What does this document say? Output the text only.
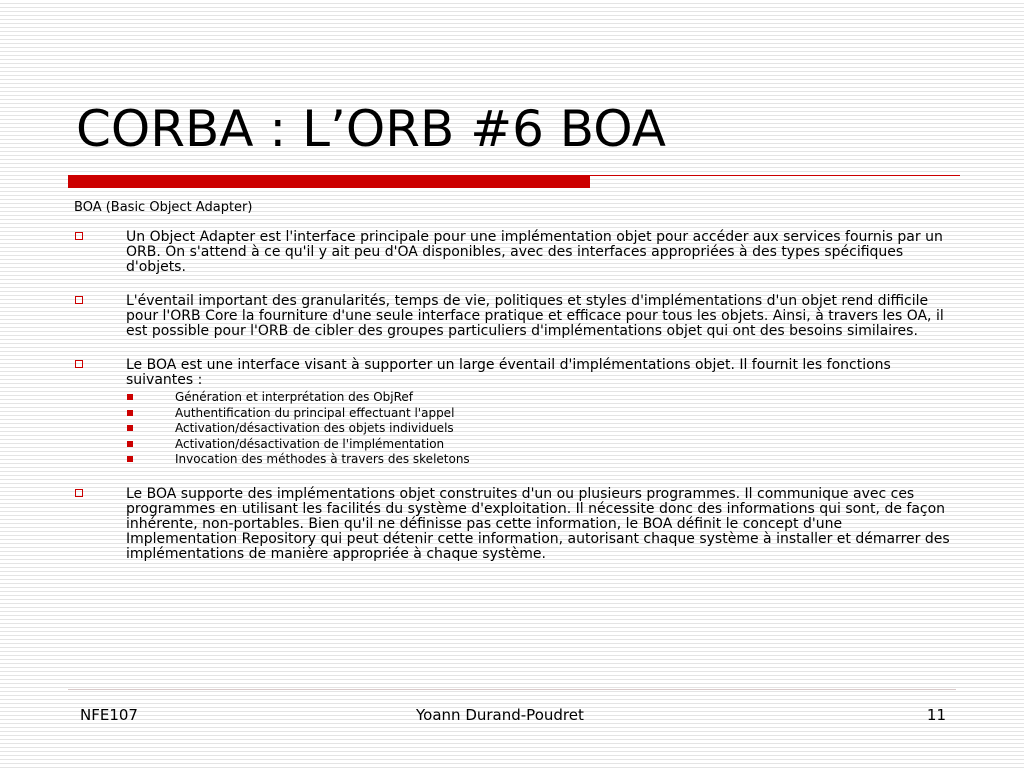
CORBA : L’ORB #6 BOA

BOA (Basic Object Adapter)

Un Object Adapter est l'interface principale pour une implémentation objet pour accéder aux services fournis par un ORB. On s'attend à ce qu'il y ait peu d'OA disponibles, avec des interfaces appropriées à des types spécifiques d'objets.
L'éventail important des granularités, temps de vie, politiques et styles d'implémentations d'un objet rend difficile pour l'ORB Core la fourniture d'une seule interface pratique et efficace pour tous les objets. Ainsi, à travers les OA, il est possible pour l'ORB de cibler des groupes particuliers d'implémentations objet qui ont des besoins similaires.
Le BOA est une interface visant à supporter un large éventail d'implémentations objet. Il fournit les fonctions suivantes :
Génération et interprétation des ObjRef
Authentification du principal effectuant l'appel
Activation/désactivation des objets individuels
Activation/désactivation de l'implémentation
Invocation des méthodes à travers des skeletons
Le BOA supporte des implémentations objet construites d'un ou plusieurs programmes. Il communique avec ces programmes en utilisant les facilités du système d'exploitation. Il nécessite donc des informations qui sont, de façon inhérente, non-portables. Bien qu'il ne définisse pas cette information, le BOA définit le concept d'une Implementation Repository qui peut détenir cette information, autorisant chaque système à installer et démarrer des implémentations de manière appropriée à chaque système.
NFE107	Yoann Durand-Poudret	11
